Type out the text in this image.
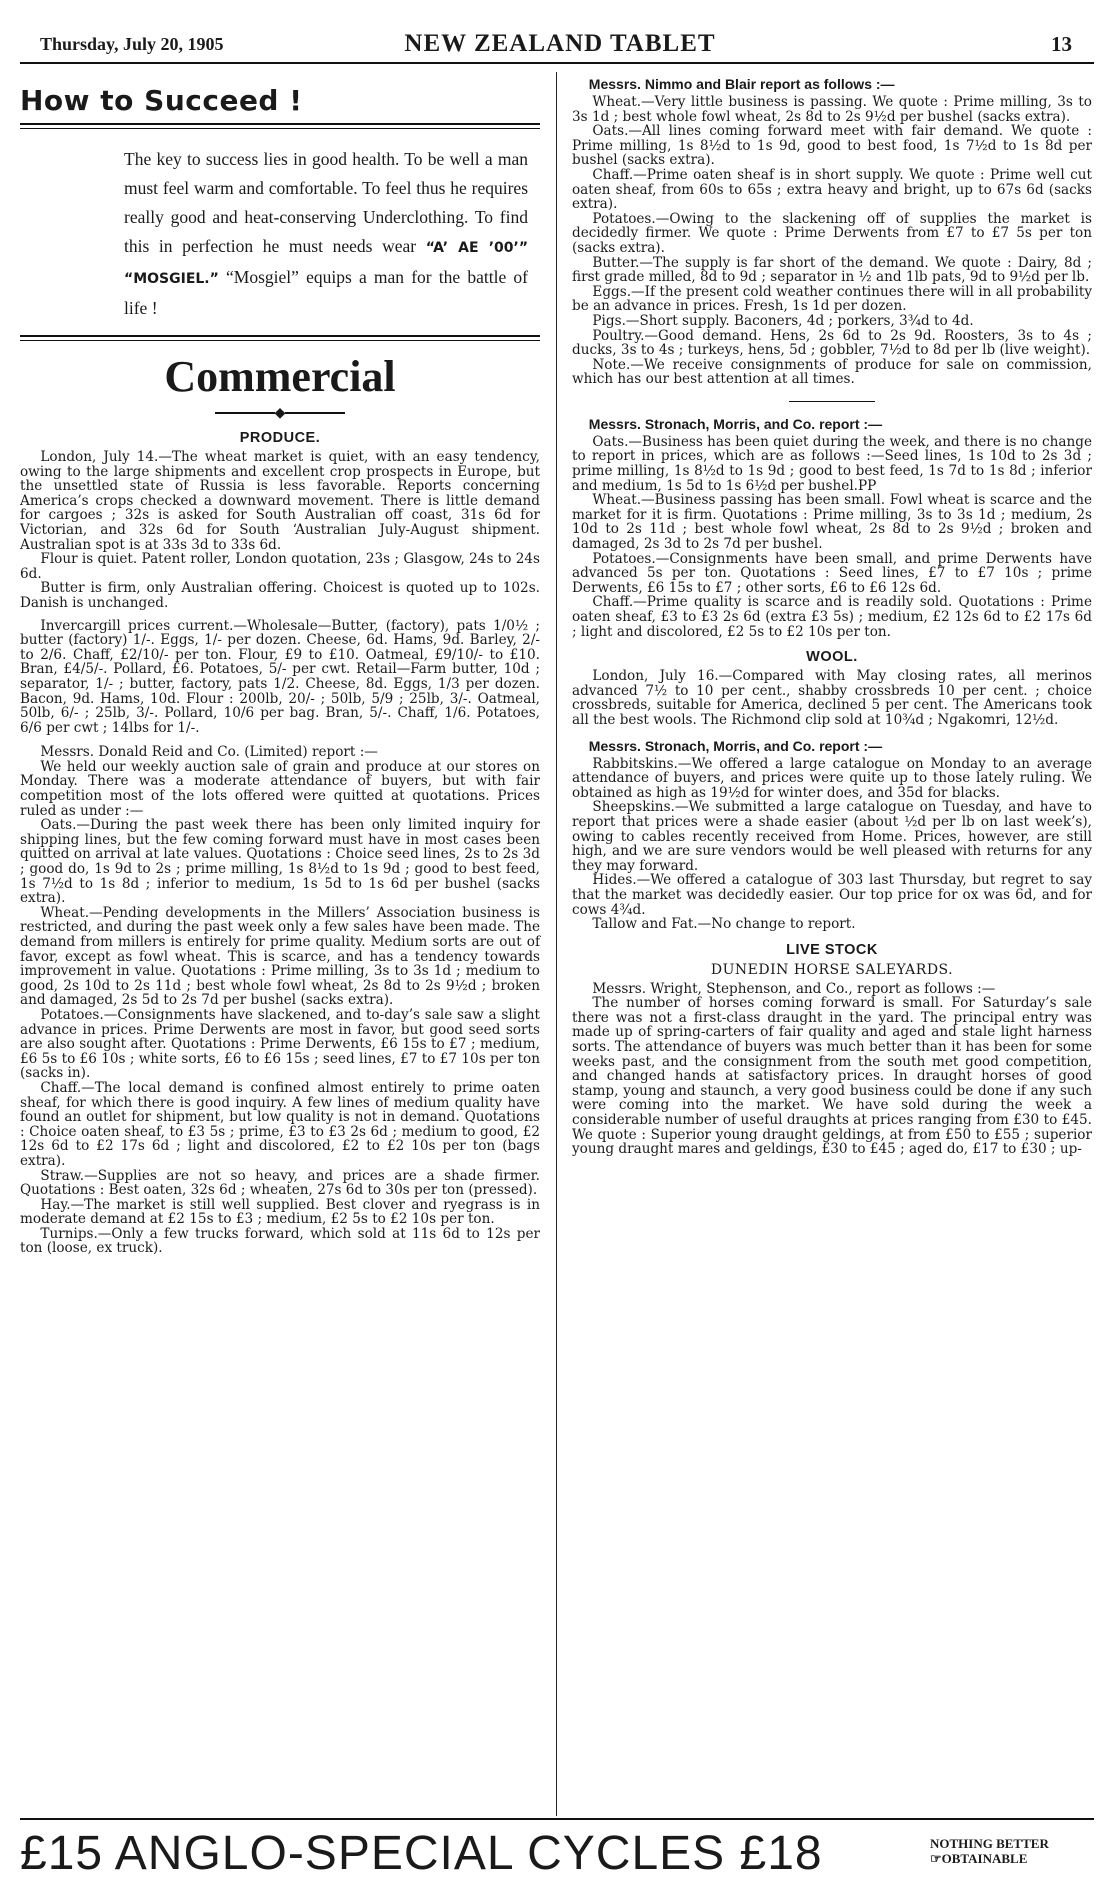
Thursday, July 20, 1905	NEW ZEALAND TABLET	13
How to Succeed !
The key to success lies in good health. To be well a man must feel warm and comfortable. To feel thus he requires really good and heat-conserving Underclothing. To find this in perfection he must needs wear “A’ AE ’00’” “MOSGIEL.” “Mosgiel” equips a man for the battle of life !
Commercial
◆
PRODUCE.

London, July 14.—The wheat market is quiet, with an easy tendency, owing to the large shipments and excellent crop prospects in Europe, but the unsettled state of Russia is less favorable. Reports concerning America’s crops checked a downward movement. There is little demand for cargoes ; 32s is asked for South Australian off coast, 31s 6d for Victorian, and 32s 6d for South ‘Australian July-August shipment. Australian spot is at 33s 3d to 33s 6d.

Flour is quiet. Patent roller, London quotation, 23s ; Glasgow, 24s to 24s 6d.

Butter is firm, only Australian offering. Choicest is quoted up to 102s. Danish is unchanged.

Invercargill prices current.—Wholesale—Butter, (factory), pats 1/0½ ; butter (factory) 1/-. Eggs, 1/- per dozen. Cheese, 6d. Hams, 9d. Barley, 2/- to 2/6. Chaff, £2/10/- per ton. Flour, £9 to £10. Oatmeal, £9/10/- to £10. Bran, £4/5/-. Pollard, £6. Potatoes, 5/- per cwt. Retail—Farm butter, 10d ; separator, 1/- ; butter, factory, pats 1/2. Cheese, 8d. Eggs, 1/3 per dozen. Bacon, 9d. Hams, 10d. Flour : 200lb, 20/- ; 50lb, 5/9 ; 25lb, 3/-. Oatmeal, 50lb, 6/- ; 25lb, 3/-. Pollard, 10/6 per bag. Bran, 5/-. Chaff, 1/6. Potatoes, 6/6 per cwt ; 14lbs for 1/-.

Messrs. Donald Reid and Co. (Limited) report :—

We held our weekly auction sale of grain and produce at our stores on Monday. There was a moderate attendance of buyers, but with fair competition most of the lots offered were quitted at quotations. Prices ruled as under :—

Oats.—During the past week there has been only limited inquiry for shipping lines, but the few coming forward must have in most cases been quitted on arrival at late values. Quotations : Choice seed lines, 2s to 2s 3d ; good do, 1s 9d to 2s ; prime milling, 1s 8½d to 1s 9d ; good to best feed, 1s 7½d to 1s 8d ; inferior to medium, 1s 5d to 1s 6d per bushel (sacks extra).

Wheat.—Pending developments in the Millers’ Association business is restricted, and during the past week only a few sales have been made. The demand from millers is entirely for prime quality. Medium sorts are out of favor, except as fowl wheat. This is scarce, and has a tendency towards improvement in value. Quotations : Prime milling, 3s to 3s 1d ; medium to good, 2s 10d to 2s 11d ; best whole fowl wheat, 2s 8d to 2s 9½d ; broken and damaged, 2s 5d to 2s 7d per bushel (sacks extra).

Potatoes.—Consignments have slackened, and to-day’s sale saw a slight advance in prices. Prime Derwents are most in favor, but good seed sorts are also sought after. Quotations : Prime Derwents, £6 15s to £7 ; medium, £6 5s to £6 10s ; white sorts, £6 to £6 15s ; seed lines, £7 to £7 10s per ton (sacks in).

Chaff.—The local demand is confined almost entirely to prime oaten sheaf, for which there is good inquiry. A few lines of medium quality have found an outlet for shipment, but low quality is not in demand. Quotations : Choice oaten sheaf, to £3 5s ; prime, £3 to £3 2s 6d ; medium to good, £2 12s 6d to £2 17s 6d ; light and discolored, £2 to £2 10s per ton (bags extra).

Straw.—Supplies are not so heavy, and prices are a shade firmer. Quotations : Best oaten, 32s 6d ; wheaten, 27s 6d to 30s per ton (pressed).

Hay.—The market is still well supplied. Best clover and ryegrass is in moderate demand at £2 15s to £3 ; medium, £2 5s to £2 10s per ton.

Turnips.—Only a few trucks forward, which sold at 11s 6d to 12s per ton (loose, ex truck).

Messrs. Nimmo and Blair report as follows :—

Wheat.—Very little business is passing. We quote : Prime milling, 3s to 3s 1d ; best whole fowl wheat, 2s 8d to 2s 9½d per bushel (sacks extra).

Oats.—All lines coming forward meet with fair demand. We quote : Prime milling, 1s 8½d to 1s 9d, good to best food, 1s 7½d to 1s 8d per bushel (sacks extra).

Chaff.—Prime oaten sheaf is in short supply. We quote : Prime well cut oaten sheaf, from 60s to 65s ; extra heavy and bright, up to 67s 6d (sacks extra).

Potatoes.—Owing to the slackening off of supplies the market is decidedly firmer. We quote : Prime Derwents from £7 to £7 5s per ton (sacks extra).

Butter.—The supply is far short of the demand. We quote : Dairy, 8d ; first grade milled, 8d to 9d ; separator in ½ and 1lb pats, 9d to 9½d per lb.

Eggs.—If the present cold weather continues there will in all probability be an advance in prices. Fresh, 1s 1d per dozen.

Pigs.—Short supply. Baconers, 4d ; porkers, 3¾d to 4d.

Poultry.—Good demand. Hens, 2s 6d to 2s 9d. Roosters, 3s to 4s ; ducks, 3s to 4s ; turkeys, hens, 5d ; gobbler, 7½d to 8d per lb (live weight).

Note.—We receive consignments of produce for sale on commission, which has our best attention at all times.

Messrs. Stronach, Morris, and Co. report :—

Oats.—Business has been quiet during the week, and there is no change to report in prices, which are as follows :—Seed lines, 1s 10d to 2s 3d ; prime milling, 1s 8½d to 1s 9d ; good to best feed, 1s 7d to 1s 8d ; inferior and medium, 1s 5d to 1s 6½d per bushel.PP

Wheat.—Business passing has been small. Fowl wheat is scarce and the market for it is firm. Quotations : Prime milling, 3s to 3s 1d ; medium, 2s 10d to 2s 11d ; best whole fowl wheat, 2s 8d to 2s 9½d ; broken and damaged, 2s 3d to 2s 7d per bushel.

Potatoes.—Consignments have been small, and prime Derwents have advanced 5s per ton. Quotations : Seed lines, £7 to £7 10s ; prime Derwents, £6 15s to £7 ; other sorts, £6 to £6 12s 6d.

Chaff.—Prime quality is scarce and is readily sold. Quotations : Prime oaten sheaf, £3 to £3 2s 6d (extra £3 5s) ; medium, £2 12s 6d to £2 17s 6d ; light and discolored, £2 5s to £2 10s per ton.

WOOL.

London, July 16.—Compared with May closing rates, all merinos advanced 7½ to 10 per cent., shabby crossbreds 10 per cent. ; choice crossbreds, suitable for America, declined 5 per cent. The Americans took all the best wools. The Richmond clip sold at 10¾d ; Ngakomri, 12½d.

Messrs. Stronach, Morris, and Co. report :—

Rabbitskins.—We offered a large catalogue on Monday to an average attendance of buyers, and prices were quite up to those lately ruling. We obtained as high as 19½d for winter does, and 35d for blacks.

Sheepskins.—We submitted a large catalogue on Tuesday, and have to report that prices were a shade easier (about ½d per lb on last week’s), owing to cables recently received from Home. Prices, however, are still high, and we are sure vendors would be well pleased with returns for any they may forward.

Hides.—We offered a catalogue of 303 last Thursday, but regret to say that the market was decidedly easier. Our top price for ox was 6d, and for cows 4¾d.

Tallow and Fat.—No change to report.

LIVE STOCK
DUNEDIN HORSE SALEYARDS.

Messrs. Wright, Stephenson, and Co., report as follows :—

The number of horses coming forward is small. For Saturday’s sale there was not a first-class draught in the yard. The principal entry was made up of spring-carters of fair quality and aged and stale light harness sorts. The attendance of buyers was much better than it has been for some weeks past, and the consignment from the south met good competition, and changed hands at satisfactory prices. In draught horses of good stamp, young and staunch, a very good business could be done if any such were coming into the market. We have sold during the week a considerable number of useful draughts at prices ranging from £30 to £45. We quote : Superior young draught geldings, at from £50 to £55 ; superior young draught mares and geldings, £30 to £45 ; aged do, £17 to £30 ; up-

£15 ANGLO-SPECIAL CYCLES £18	NOTHING BETTER
☞OBTAINABLE
